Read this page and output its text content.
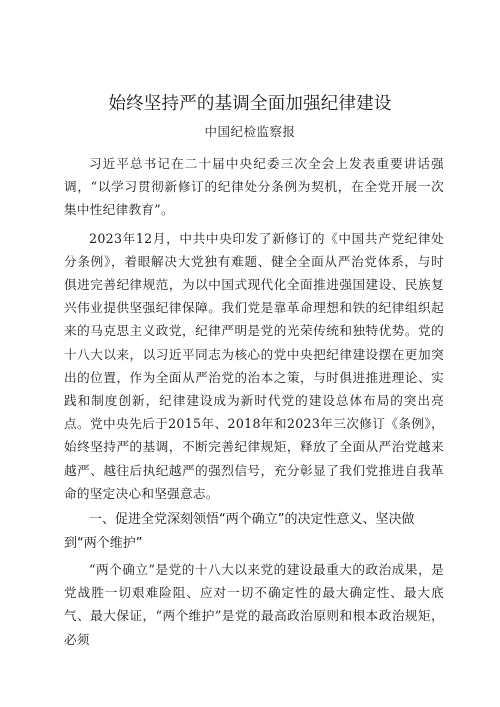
始终坚持严的基调全面加强纪律建设
中国纪检监察报

习近平总书记在二十届中央纪委三次全会上发表重要讲话强调，“以学习贯彻新修订的纪律处分条例为契机，在全党开展一次集中性纪律教育”。

2023年12月，中共中央印发了新修订的《中国共产党纪律处分条例》，着眼解决大党独有难题、健全全面从严治党体系，与时俱进完善纪律规范，为以中国式现代化全面推进强国建设、民族复兴伟业提供坚强纪律保障。我们党是靠革命理想和铁的纪律组织起来的马克思主义政党，纪律严明是党的光荣传统和独特优势。党的十八大以来，以习近平同志为核心的党中央把纪律建设摆在更加突出的位置，作为全面从严治党的治本之策，与时俱进推进理论、实践和制度创新，纪律建设成为新时代党的建设总体布局的突出亮点。党中央先后于2015年、2018年和2023年三次修订《条例》，始终坚持严的基调，不断完善纪律规矩，释放了全面从严治党越来越严、越往后执纪越严的强烈信号，充分彰显了我们党推进自我革命的坚定决心和坚强意志。

一、促进全党深刻领悟“两个确立”的决定性意义、坚决做到“两个维护”

“两个确立”是党的十八大以来党的建设最重大的政治成果，是党战胜一切艰难险阻、应对一切不确定性的最大确定性、最大底气、最大保证，“两个维护”是党的最高政治原则和根本政治规矩，必须
